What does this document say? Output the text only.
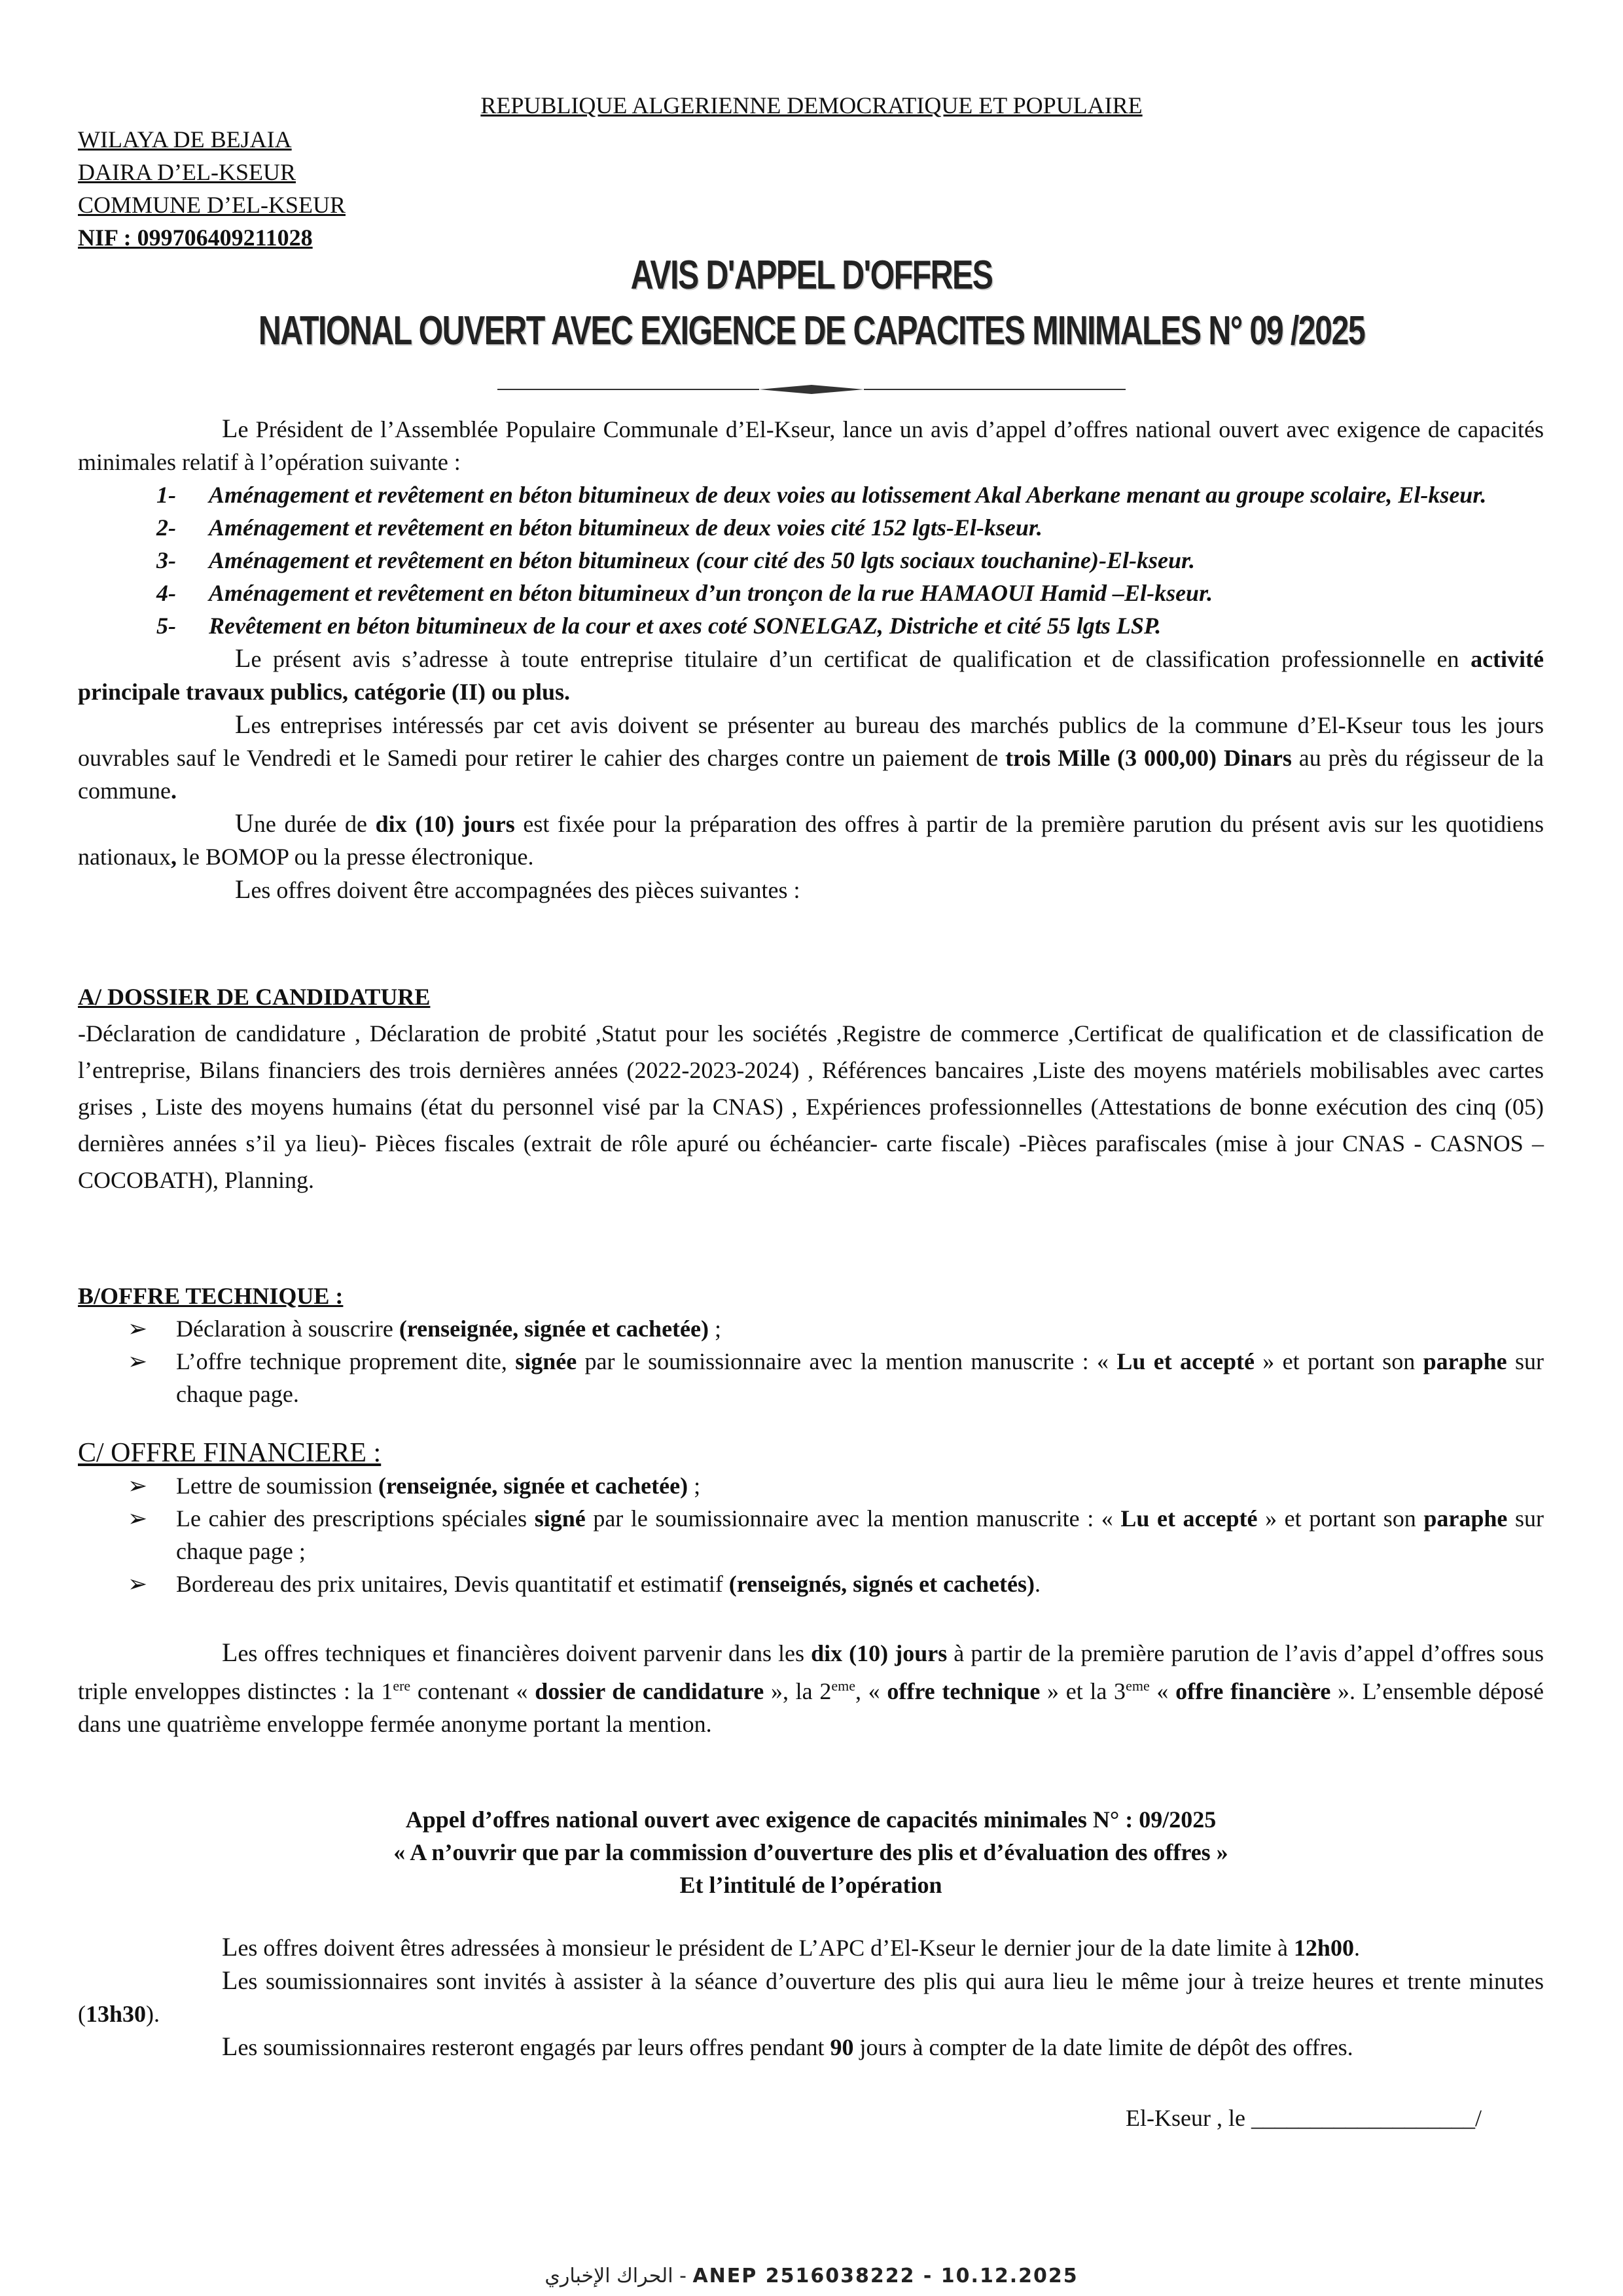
REPUBLIQUE ALGERIENNE DEMOCRATIQUE ET POPULAIRE
WILAYA DE BEJAIA
DAIRA D’EL-KSEUR
COMMUNE D’EL-KSEUR
NIF : 099706409211028
AVIS D'APPEL D'OFFRES
NATIONAL OUVERT AVEC EXIGENCE DE CAPACITES MINIMALES N° 09 /2025
Le Président de l’Assemblée Populaire Communale d’El-Kseur, lance un avis d’appel d’offres national ouvert avec exigence de capacités minimales relatif à l’opération suivante :
1- Aménagement et revêtement en béton bitumineux de deux voies au lotissement Akal Aberkane menant au groupe scolaire, El-kseur.
2- Aménagement et revêtement en béton bitumineux de deux voies cité 152 lgts-El-kseur.
3- Aménagement et revêtement en béton bitumineux (cour cité des 50 lgts sociaux touchanine)-El-kseur.
4- Aménagement et revêtement en béton bitumineux d’un tronçon de la rue HAMAOUI Hamid –El-kseur.
5- Revêtement en béton bitumineux de la cour et axes coté SONELGAZ, Distriche et cité 55 lgts LSP.
Le présent avis s’adresse à toute entreprise titulaire d’un certificat de qualification et de classification professionnelle en activité principale travaux publics, catégorie (II) ou plus.
Les entreprises intéressés par cet avis doivent se présenter au bureau des marchés publics de la commune d’El-Kseur tous les jours ouvrables sauf le Vendredi et le Samedi pour retirer le cahier des charges contre un paiement de trois Mille (3 000,00) Dinars au près du régisseur de la commune.
Une durée de dix (10) jours est fixée pour la préparation des offres à partir de la première parution du présent avis sur les quotidiens nationaux, le BOMOP ou la presse électronique.
Les offres doivent être accompagnées des pièces suivantes :
A/ DOSSIER DE CANDIDATURE
-Déclaration de candidature , Déclaration de probité ,Statut pour les sociétés ,Registre de commerce ,Certificat de qualification et de classification de l’entreprise, Bilans financiers des trois dernières années (2022-2023-2024) , Références bancaires ,Liste des moyens matériels mobilisables avec cartes grises , Liste des moyens humains (état du personnel visé par la CNAS) , Expériences professionnelles (Attestations de bonne exécution des cinq (05) dernières années s’il ya lieu)- Pièces fiscales (extrait de rôle apuré ou échéancier- carte fiscale) -Pièces parafiscales (mise à jour CNAS - CASNOS – COCOBATH), Planning.
B/OFFRE TECHNIQUE :
➢ Déclaration à souscrire (renseignée, signée et cachetée) ;
➢ L’offre technique proprement dite, signée par le soumissionnaire avec la mention manuscrite : « Lu et accepté » et portant son paraphe sur chaque page.
C/ OFFRE FINANCIERE :
➢ Lettre de soumission (renseignée, signée et cachetée) ;
➢ Le cahier des prescriptions spéciales signé par le soumissionnaire avec la mention manuscrite : « Lu et accepté » et portant son paraphe sur chaque page ;
➢ Bordereau des prix unitaires, Devis quantitatif et estimatif (renseignés, signés et cachetés).
Les offres techniques et financières doivent parvenir dans les dix (10) jours à partir de la première parution de l’avis d’appel d’offres sous triple enveloppes distinctes : la 1ere contenant « dossier de candidature », la 2eme, « offre technique » et la 3eme « offre financière ». L’ensemble déposé dans une quatrième enveloppe fermée anonyme portant la mention.
Appel d’offres national ouvert avec exigence de capacités minimales N° : 09/2025
« A n’ouvrir que par la commission d’ouverture des plis et d’évaluation des offres »
Et l’intitulé de l’opération
Les offres doivent êtres adressées à monsieur le président de L’APC d’El-Kseur le dernier jour de la date limite à 12h00.
Les soumissionnaires sont invités à assister à la séance d’ouverture des plis qui aura lieu le même jour à treize heures et trente minutes (13h30).
Les soumissionnaires resteront engagés par leurs offres pendant 90 jours à compter de la date limite de dépôt des offres.
El-Kseur , le ___________________/
الحراك الإخباري - ANEP 2516038222 - 10.12.2025
